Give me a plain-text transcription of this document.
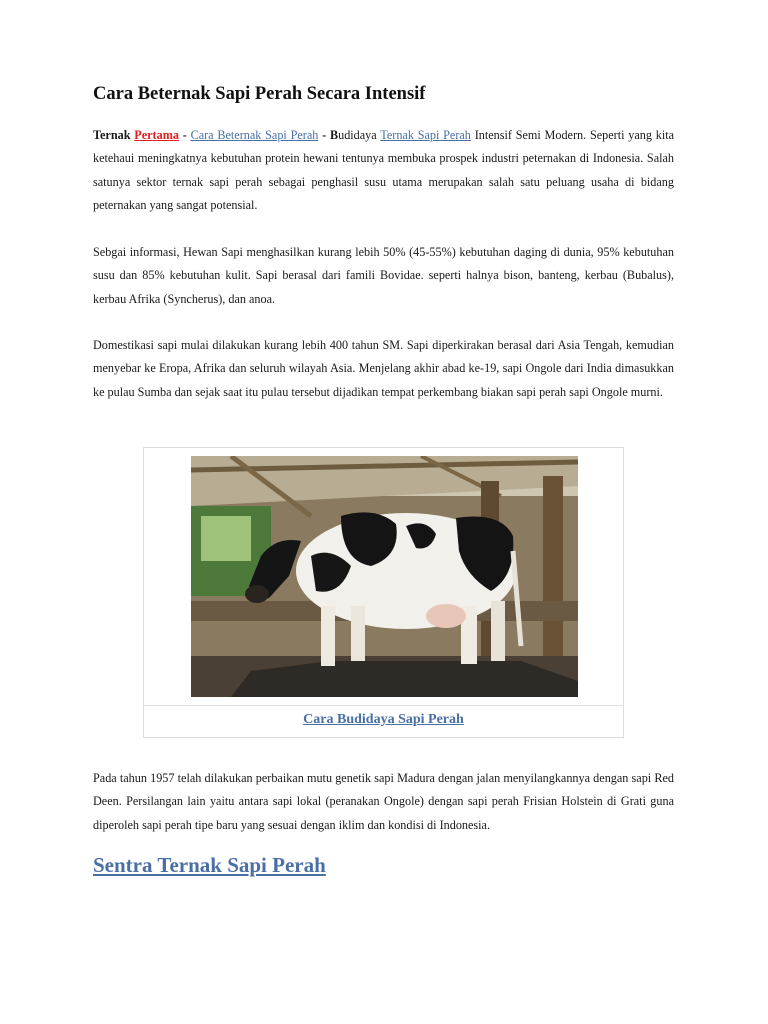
Cara Beternak Sapi Perah Secara Intensif

Ternak Pertama - Cara Beternak Sapi Perah - Budidaya Ternak Sapi Perah Intensif Semi Modern. Seperti yang kita ketehaui meningkatnya kebutuhan protein hewani tentunya membuka prospek industri peternakan di Indonesia. Salah satunya sektor ternak sapi perah sebagai penghasil susu utama merupakan salah satu peluang usaha di bidang peternakan yang sangat potensial.

Sebgai informasi, Hewan Sapi menghasilkan kurang lebih 50% (45-55%) kebutuhan daging di dunia, 95% kebutuhan susu dan 85% kebutuhan kulit. Sapi berasal dari famili Bovidae. seperti halnya bison, banteng, kerbau (Bubalus), kerbau Afrika (Syncherus), dan anoa.

Domestikasi sapi mulai dilakukan kurang lebih 400 tahun SM. Sapi diperkirakan berasal dari Asia Tengah, kemudian menyebar ke Eropa, Afrika dan seluruh wilayah Asia. Menjelang akhir abad ke-19, sapi Ongole dari India dimasukkan ke pulau Sumba dan sejak saat itu pulau tersebut dijadikan tempat perkembang biakan sapi perah sapi Ongole murni.

Cara Budidaya Sapi Perah

Pada tahun 1957 telah dilakukan perbaikan mutu genetik sapi Madura dengan jalan menyilangkannya dengan sapi Red Deen. Persilangan lain yaitu antara sapi lokal (peranakan Ongole) dengan sapi perah Frisian Holstein di Grati guna diperoleh sapi perah tipe baru yang sesuai dengan iklim dan kondisi di Indonesia.

Sentra Ternak Sapi Perah
